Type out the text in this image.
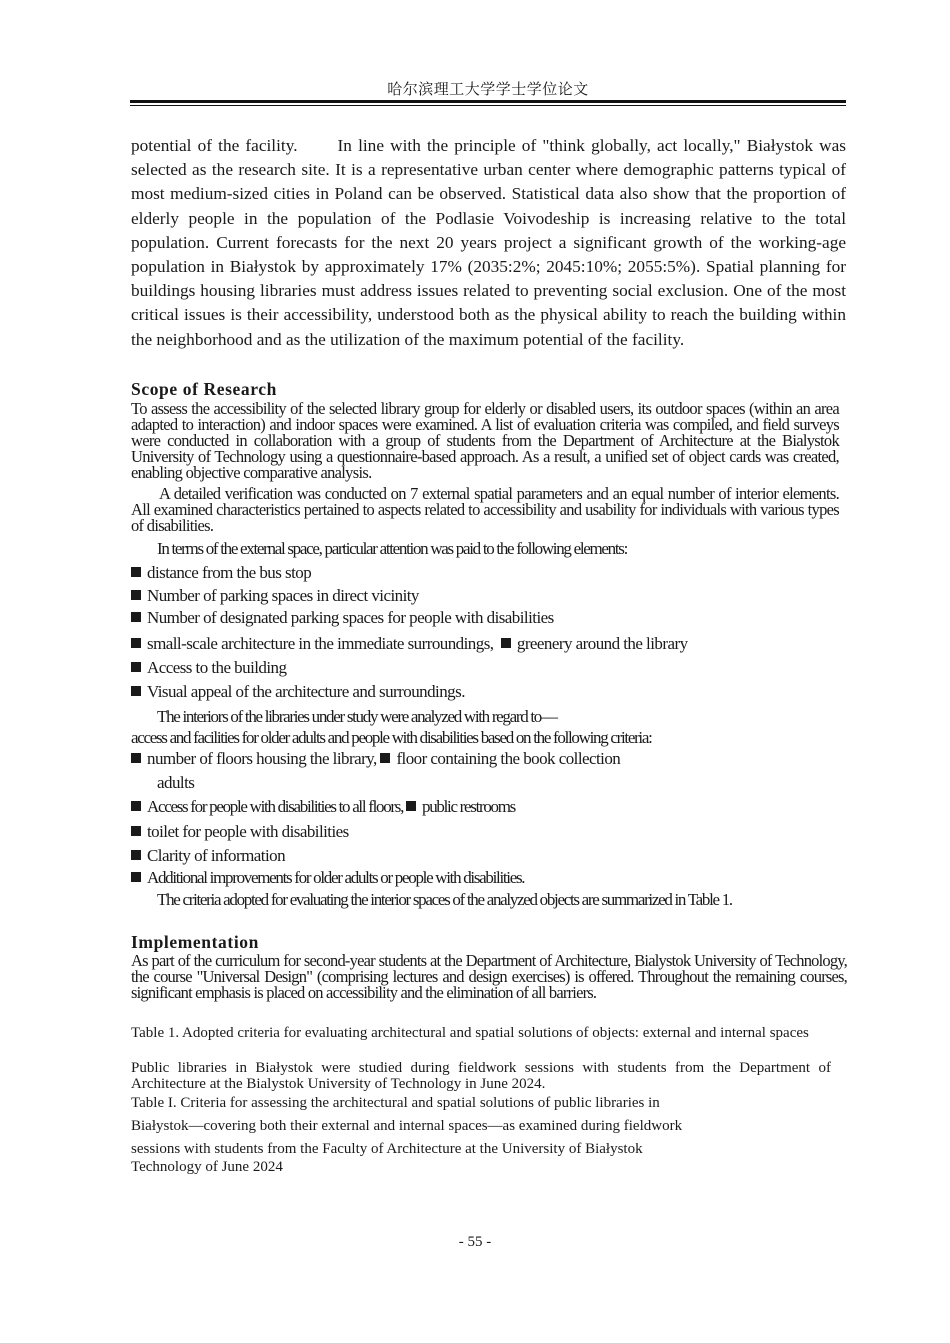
哈尔滨理工大学学士学位论文
potential of the facility. In line with the principle of "think globally, act locally," Białystok was selected as the research site. It is a representative urban center where demographic patterns typical of most medium-sized cities in Poland can be observed. Statistical data also show that the proportion of elderly people in the population of the Podlasie Voivodeship is increasing relative to the total population. Current forecasts for the next 20 years project a significant growth of the working-age population in Białystok by approximately 17% (2035:2%; 2045:10%; 2055:5%). Spatial planning for buildings housing libraries must address issues related to preventing social exclusion. One of the most critical issues is their accessibility, understood both as the physical ability to reach the building within the neighborhood and as the utilization of the maximum potential of the facility.
Scope of Research
To assess the accessibility of the selected library group for elderly or disabled users, its outdoor spaces (within an area adapted to interaction) and indoor spaces were examined. A list of evaluation criteria was compiled, and field surveys were conducted in collaboration with a group of students from the Department of Architecture at the Bialystok University of Technology using a questionnaire-based approach. As a result, a unified set of object cards was created, enabling objective comparative analysis.
A detailed verification was conducted on 7 external spatial parameters and an equal number of interior elements. All examined characteristics pertained to aspects related to accessibility and usability for individuals with various types of disabilities.
In terms of the external space, particular attention was paid to the following elements:
distance from the bus stop
Number of parking spaces in direct vicinity
Number of designated parking spaces for people with disabilities
small-scale architecture in the immediate surroundings, greenery around the library
Access to the building
Visual appeal of the architecture and surroundings.
The interiors of the libraries under study were analyzed with regard to—
access and facilities for older adults and people with disabilities based on the following criteria:
number of floors housing the library, floor containing the book collection
adults
Access for people with disabilities to all floors, public restrooms
toilet for people with disabilities
Clarity of information
Additional improvements for older adults or people with disabilities.
The criteria adopted for evaluating the interior spaces of the analyzed objects are summarized in Table 1.
Implementation
As part of the curriculum for second-year students at the Department of Architecture, Bialystok University of Technology, the course "Universal Design" (comprising lectures and design exercises) is offered. Throughout the remaining courses, significant emphasis is placed on accessibility and the elimination of all barriers.
Table 1. Adopted criteria for evaluating architectural and spatial solutions of objects: external and internal spaces
Public libraries in Białystok were studied during fieldwork sessions with students from the Department of Architecture at the Bialystok University of Technology in June 2024.
Table I. Criteria for assessing the architectural and spatial solutions of public libraries in
Białystok—covering both their external and internal spaces—as examined during fieldwork
sessions with students from the Faculty of Architecture at the University of Białystok
Technology of June 2024
- 55 -
